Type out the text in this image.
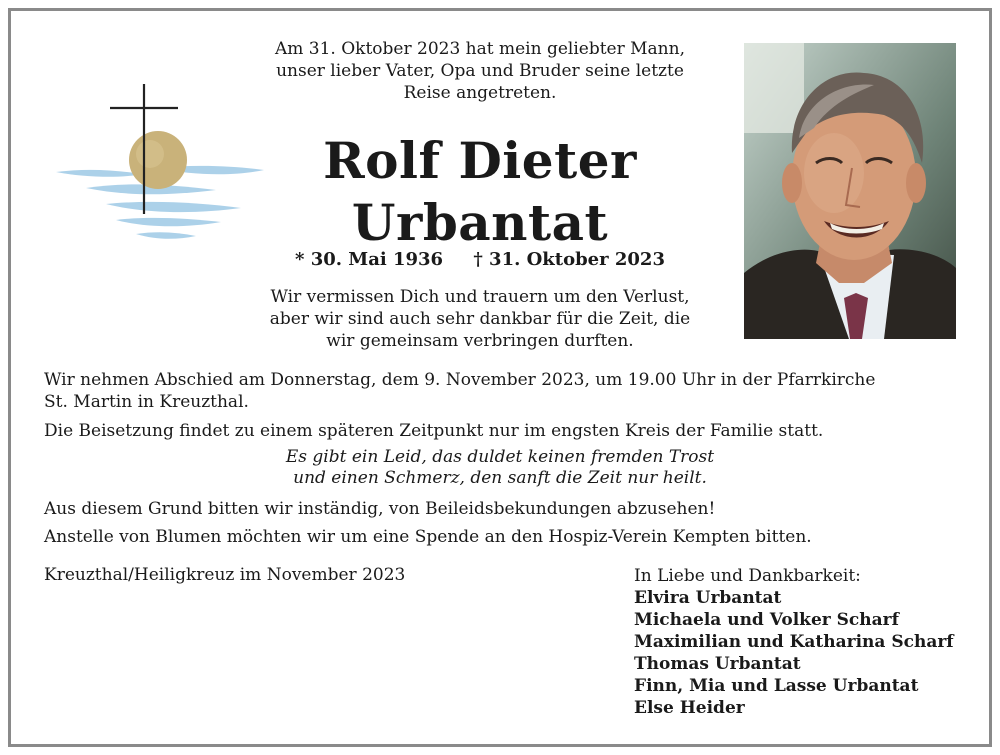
Am 31. Oktober 2023 hat mein geliebter Mann,
unser lieber Vater, Opa und Bruder seine letzte
Reise angetreten.
Rolf Dieter
Urbantat
* 30. Mai 1936 † 31. Oktober 2023
Wir vermissen Dich und trauern um den Verlust,
aber wir sind auch sehr dankbar für die Zeit, die
wir gemeinsam verbringen durften.
Wir nehmen Abschied am Donnerstag, dem 9. November 2023, um 19.00 Uhr in der Pfarrkirche
St. Martin in Kreuzthal.
Die Beisetzung findet zu einem späteren Zeitpunkt nur im engsten Kreis der Familie statt.
Es gibt ein Leid, das duldet keinen fremden Trost
und einen Schmerz, den sanft die Zeit nur heilt.
Aus diesem Grund bitten wir inständig, von Beileidsbekundungen abzusehen!
Anstelle von Blumen möchten wir um eine Spende an den Hospiz-Verein Kempten bitten.
Kreuzthal/Heiligkreuz im November 2023	In Liebe und Dankbarkeit:
Elvira Urbantat
Michaela und Volker Scharf
Maximilian und Katharina Scharf
Thomas Urbantat
Finn, Mia und Lasse Urbantat
Else Heider
